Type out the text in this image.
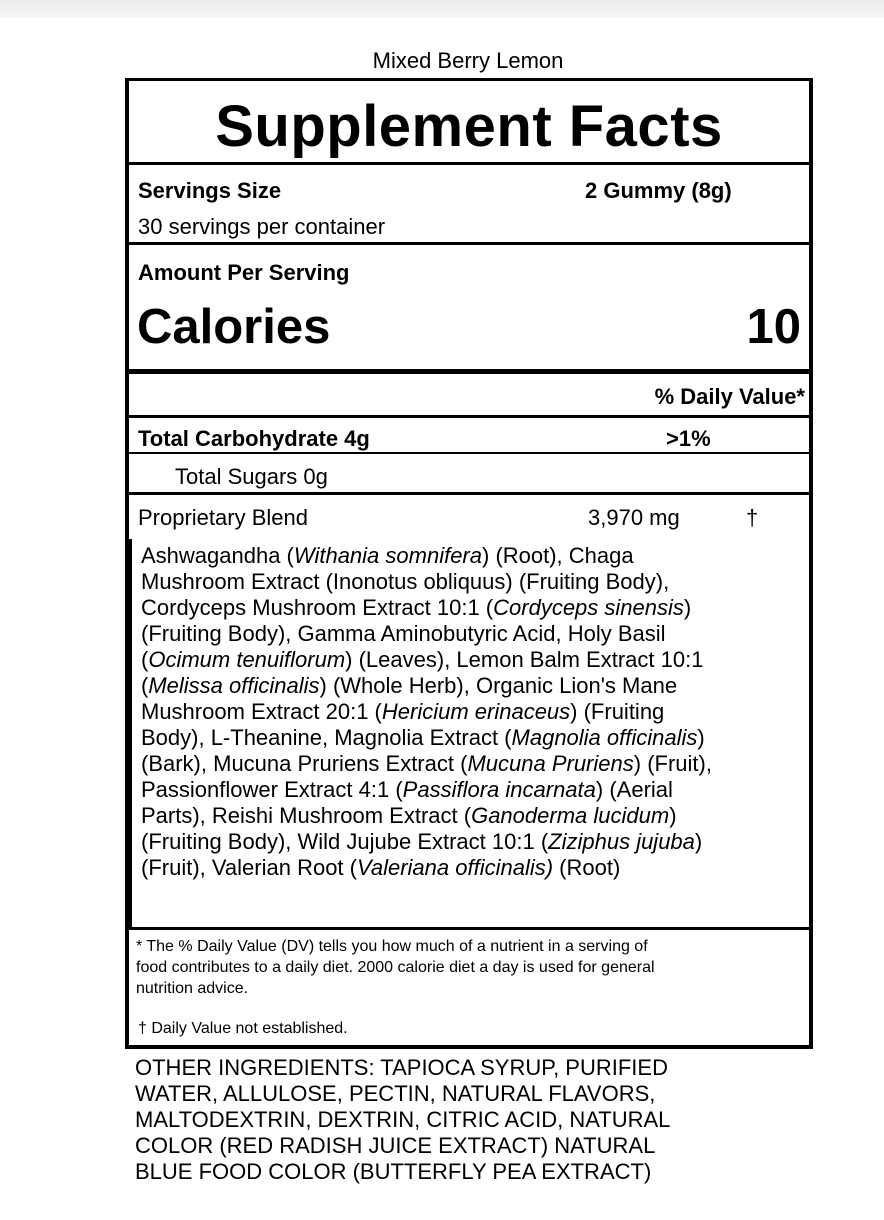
Mixed Berry Lemon
Supplement Facts
Servings Size	2 Gummy (8g)
30 servings per container
Amount Per Serving
Calories	10
% Daily Value*
Total Carbohydrate 4g	>1%
Total Sugars 0g
Proprietary Blend	3,970 mg	†
Ashwagandha (Withania somnifera) (Root), Chaga
Mushroom Extract (Inonotus obliquus) (Fruiting Body),
Cordyceps Mushroom Extract 10:1 (Cordyceps sinensis)
(Fruiting Body), Gamma Aminobutyric Acid, Holy Basil
(Ocimum tenuiflorum) (Leaves), Lemon Balm Extract 10:1
(Melissa officinalis) (Whole Herb), Organic Lion's Mane
Mushroom Extract 20:1 (Hericium erinaceus) (Fruiting
Body), L-Theanine, Magnolia Extract (Magnolia officinalis)
(Bark), Mucuna Pruriens Extract (Mucuna Pruriens) (Fruit),
Passionflower Extract 4:1 (Passiflora incarnata) (Aerial
Parts), Reishi Mushroom Extract (Ganoderma lucidum)
(Fruiting Body), Wild Jujube Extract 10:1 (Ziziphus jujuba)
(Fruit), Valerian Root (Valeriana officinalis) (Root)
* The % Daily Value (DV) tells you how much of a nutrient in a serving of
food contributes to a daily diet. 2000 calorie diet a day is used for general
nutrition advice.
† Daily Value not established.
OTHER INGREDIENTS: TAPIOCA SYRUP, PURIFIED
WATER, ALLULOSE, PECTIN, NATURAL FLAVORS,
MALTODEXTRIN, DEXTRIN, CITRIC ACID, NATURAL
COLOR (RED RADISH JUICE EXTRACT) NATURAL
BLUE FOOD COLOR (BUTTERFLY PEA EXTRACT)
